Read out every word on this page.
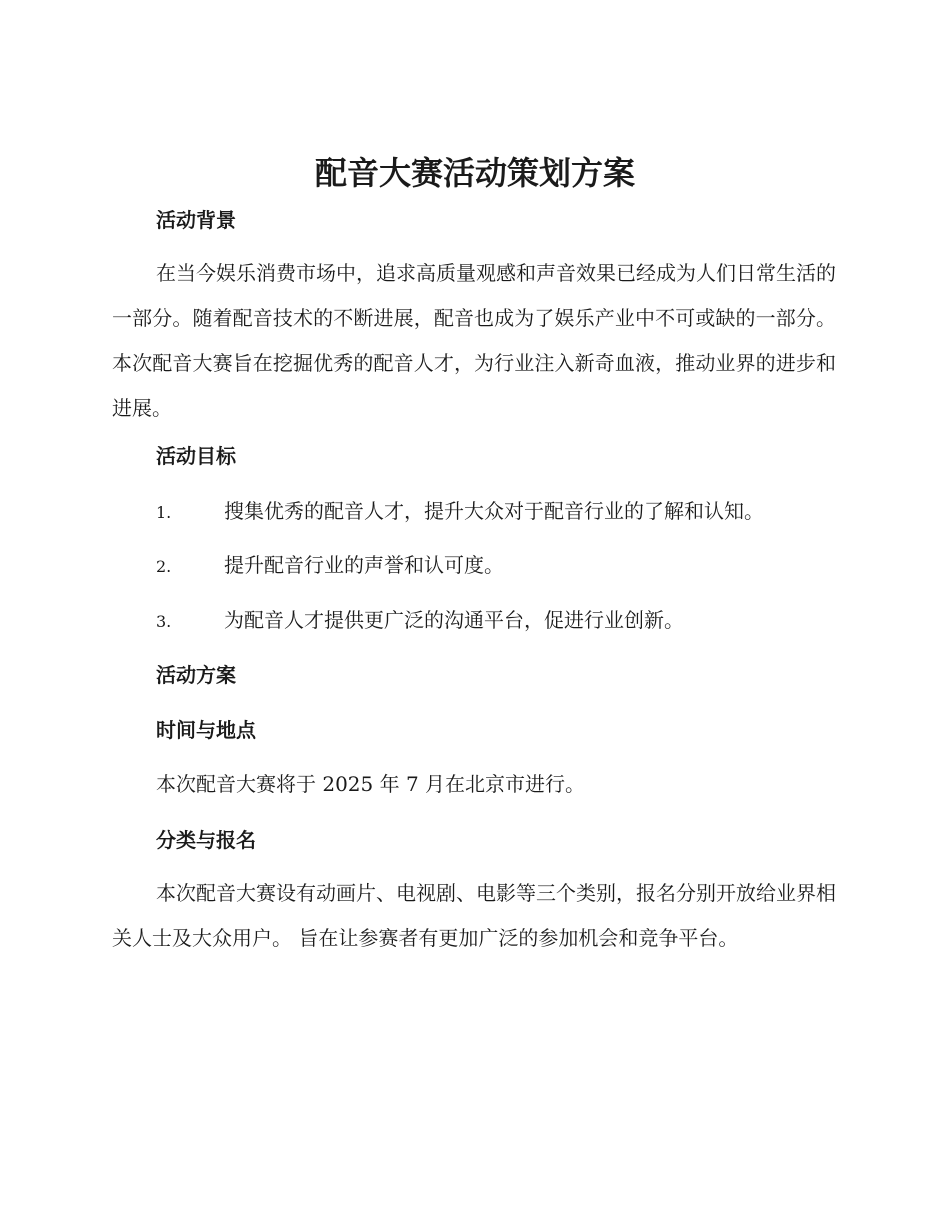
配音大赛活动策划方案
活动背景

在当今娱乐消费市场中，追求高质量观感和声音效果已经成为人们日常生活的一部分。随着配音技术的不断进展，配音也成为了娱乐产业中不可或缺的一部分。 本次配音大赛旨在挖掘优秀的配音人才，为行业注入新奇血液，推动业界的进步和进展。

活动目标
1.	搜集优秀的配音人才，提升大众对于配音行业的了解和认知。
2.	提升配音行业的声誉和认可度。
3.	为配音人才提供更广泛的沟通平台，促进行业创新。
活动方案
时间与地点

本次配音大赛将于 2025 年 7 月在北京市进行。

分类与报名

本次配音大赛设有动画片、电视剧、电影等三个类别，报名分别开放给业界相关人士及大众用户。 旨在让参赛者有更加广泛的参加机会和竞争平台。
